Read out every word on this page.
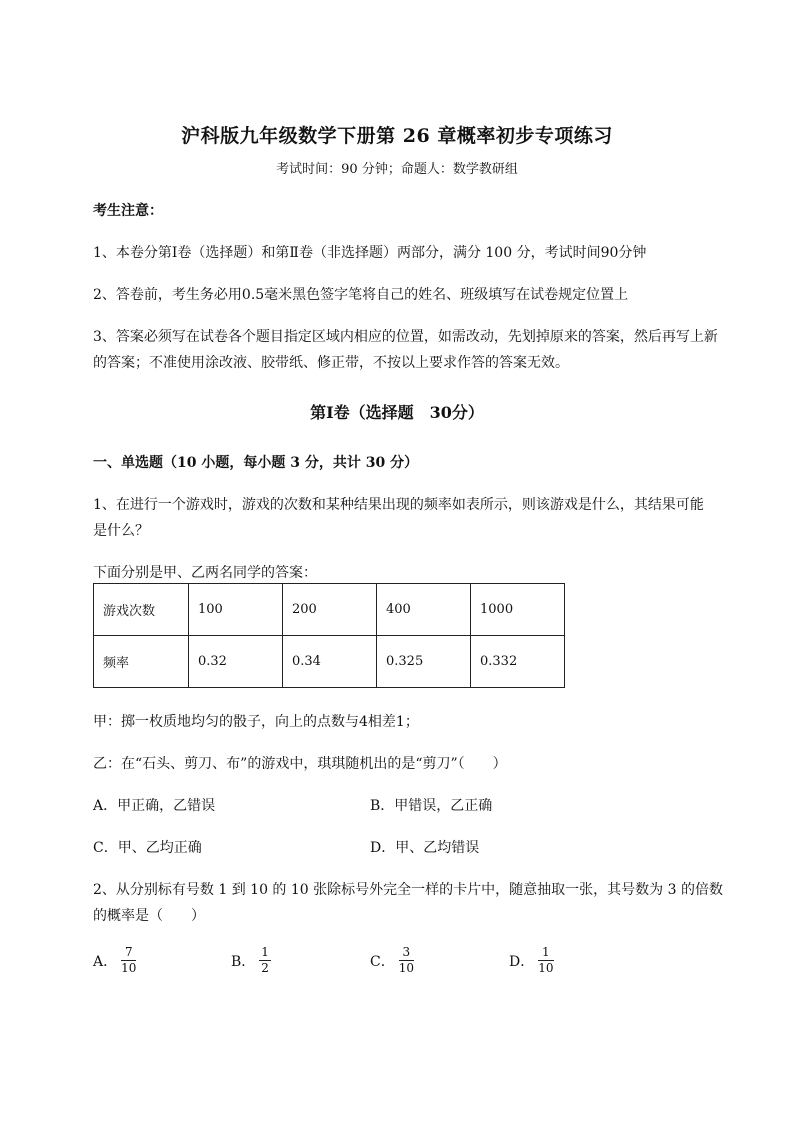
沪科版九年级数学下册第 26 章概率初步专项练习
考试时间：90 分钟；命题人：数学教研组
考生注意：
1、本卷分第Ⅰ卷（选择题）和第Ⅱ卷（非选择题）两部分，满分 100 分，考试时间90分钟
2、答卷前，考生务必用0.5毫米黑色签字笔将自己的姓名、班级填写在试卷规定位置上
3、答案必须写在试卷各个题目指定区域内相应的位置，如需改动，先划掉原来的答案，然后再写上新
的答案；不准使用涂改液、胶带纸、修正带，不按以上要求作答的答案无效。
第Ⅰ卷（选择题　30分）
一、单选题（10 小题，每小题 3 分，共计 30 分）
1、在进行一个游戏时，游戏的次数和某种结果出现的频率如表所示，则该游戏是什么，其结果可能
是什么？
下面分别是甲、乙两名同学的答案：
游戏次数	100	200	400	1000
频率	0.32	0.34	0.325	0.332
甲：掷一枚质地均匀的骰子，向上的点数与4相差1；
乙：在“石头、剪刀、布”的游戏中，琪琪随机出的是“剪刀”（　　）
A．甲正确，乙错误	B．甲错误，乙正确
C．甲、乙均正确	D．甲、乙均错误
2、从分别标有号数 1 到 10 的 10 张除标号外完全一样的卡片中，随意抽取一张，其号数为 3 的倍数
的概率是（　　）
A． $\frac{7}{10}$	B． $\frac{1}{2}$	C． $\frac{3}{10}$	D． $\frac{1}{10}$
